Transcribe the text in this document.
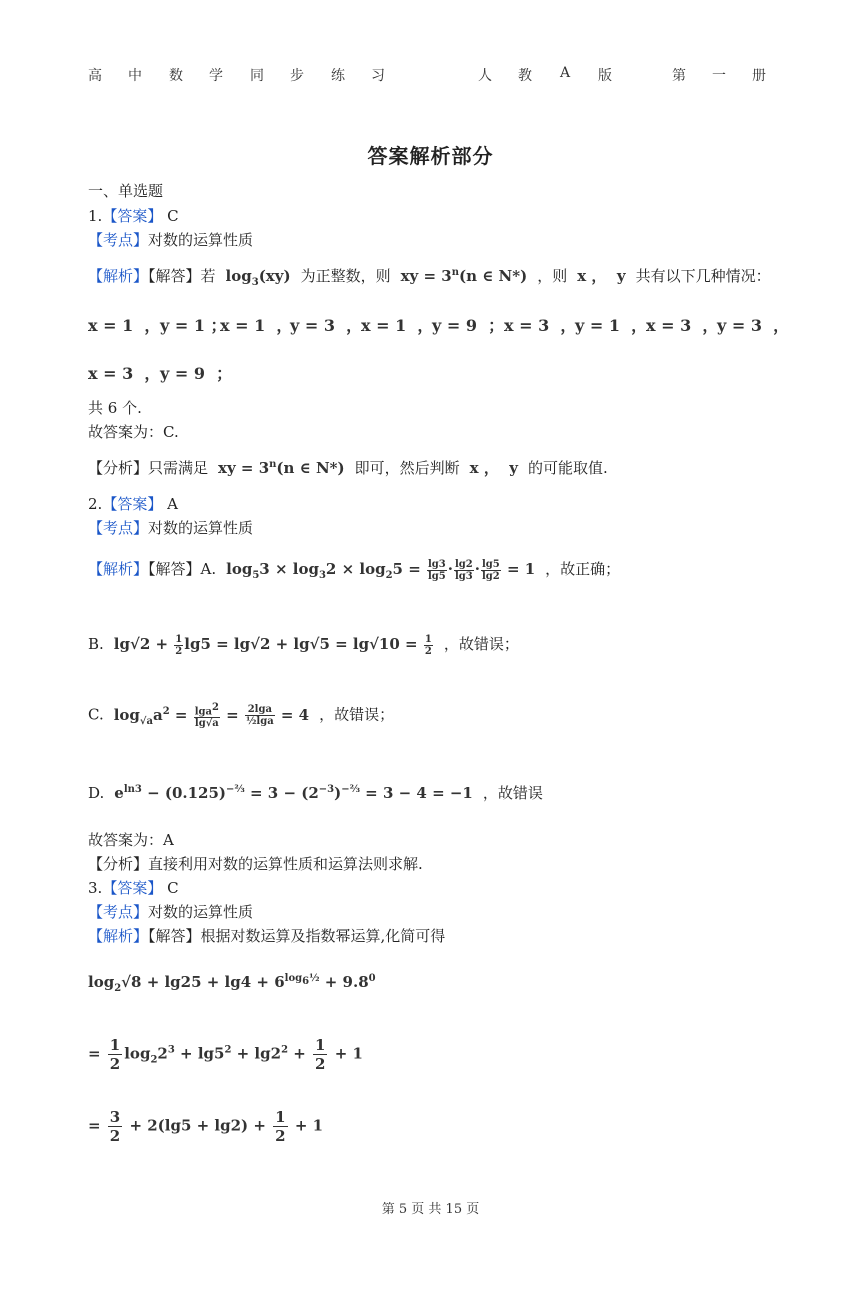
高 中 数 学 同 步 练 习	人 教 A 版	第 一 册
答案解析部分
一、单选题
1.【答案】 C
【考点】对数的运算性质
【解析】【解答】若  $\log_3(xy)$  为正整数，则  xy = $3^n(n$ ∈ N*)  ，则  x ，  y  共有以下几种情况：
x = 1  ， y = 1 ；
x = 1  ，
y = 3  ，
x = 1  ，
y = 9  ； x = 3  ，
y = 1  ，
x = 3  ，
y = 3  ，
x = 3  ， y = 9  ；
共 6 个.
故答案为：C.
【分析】只需满足  xy = $3^n(n$ ∈ N*)  即可，然后判断  x ，  y  的可能取值.
2.【答案】 A
【考点】对数的运算性质
【解析】【解答】A.  $\log_53 \times \log_32 \times \log_25 = \frac{\lg 3}{\lg 5} \cdot \frac{\lg 2}{\lg 3} \cdot \frac{\lg 5}{\lg 2} = 1$  ，故正确；
B.  $\lg√2 + \frac{1}{2} \lg 5 = \lg√2 + \lg√5 = \lg√10 = \frac{1}{2}$ ，故错误；
C.  $\log_{√a}a^2 = \frac{\lg a^2}{\lg√a} = \frac{2\lg a}{\text{½lga}} = 4$  ，故错误；
D.  $e^{ln3} - (0.125)^{-\frac{2}{3}} = 3 - (2^{-3})^{-\frac{2}{3}} = 3 - 4 = -1$  ，故错误
故答案为：A
【分析】直接利用对数的运算性质和运算法则求解.
3.【答案】 C
【考点】对数的运算性质
【解析】【解答】根据对数运算及指数幂运算,化简可得
$\log_2√8 + \lg 25 + \lg 4 + 6^{log_6\frac{1}{2}} + 9.8^0$
= $\frac{1}{2} \log_22^3 + \lg 5^2 + \lg 2^2 + \frac{1}{2} + 1$
= $\frac{3}{2} + 2(\lg 5 + \lg 2) + \frac{1}{2} + 1$
第 5 页 共 15 页
